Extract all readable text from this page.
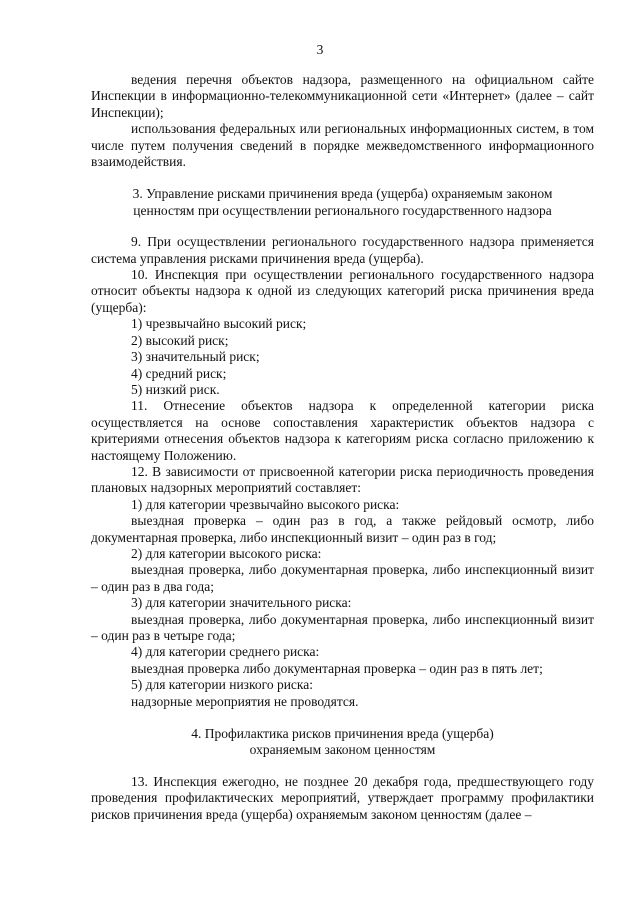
3

ведения перечня объектов надзора, размещенного на официальном сайте Инспекции в информационно-телекоммуникационной сети «Интернет» (далее – сайт Инспекции);

использования федеральных или региональных информационных систем, в том числе путем получения сведений в порядке межведомственного информационного взаимодействия.

3. Управление рисками причинения вреда (ущерба) охраняемым законом
ценностям при осуществлении регионального государственного надзора

9. При осуществлении регионального государственного надзора применяется система управления рисками причинения вреда (ущерба).

10. Инспекция при осуществлении регионального государственного надзора относит объекты надзора к одной из следующих категорий риска причинения вреда (ущерба):

1) чрезвычайно высокий риск;

2) высокий риск;

3) значительный риск;

4) средний риск;

5) низкий риск.

11. Отнесение объектов надзора к определенной категории риска осуществляется на основе сопоставления характеристик объектов надзора с критериями отнесения объектов надзора к категориям риска согласно приложению к настоящему Положению.

12. В зависимости от присвоенной категории риска периодичность проведения плановых надзорных мероприятий составляет:

1) для категории чрезвычайно высокого риска:

выездная проверка – один раз в год, а также рейдовый осмотр, либо документарная проверка, либо инспекционный визит – один раз в год;

2) для категории высокого риска:

выездная проверка, либо документарная проверка, либо инспекционный визит – один раз в два года;

3) для категории значительного риска:

выездная проверка, либо документарная проверка, либо инспекционный визит – один раз в четыре года;

4) для категории среднего риска:

выездная проверка либо документарная проверка – один раз в пять лет;

5) для категории низкого риска:

надзорные мероприятия не проводятся.

4. Профилактика рисков причинения вреда (ущерба)
охраняемым законом ценностям

13. Инспекция ежегодно, не позднее 20 декабря года, предшествующего году проведения профилактических мероприятий, утверждает программу профилактики рисков причинения вреда (ущерба) охраняемым законом ценностям (далее –
